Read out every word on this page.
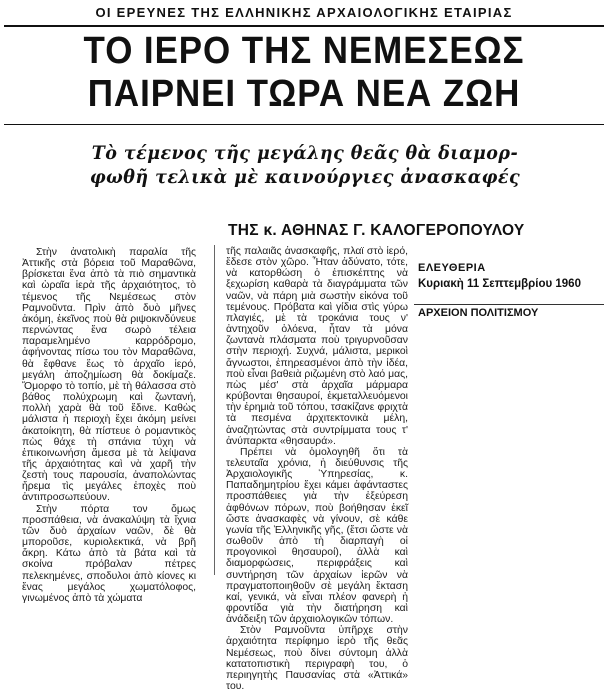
ΟΙ ΕΡΕΥΝΕΣ ΤΗΣ ΕΛΛΗΝΙΚΗΣ ΑΡΧΑΙΟΛΟΓΙΚΗΣ ΕΤΑΙΡΙΑΣ
ΤΟ ΙΕΡΟ ΤΗΣ ΝΕΜΕΣΕΩΣ
ΠΑΙΡΝΕΙ ΤΩΡΑ ΝΕΑ ΖΩΗ
Τὸ τέμενος τῆς μεγάλης θεᾶς θὰ διαμορ-
φωθῆ τελικὰ μὲ καινούργιες ἀνασκαφές
ΤΗΣ κ. ΑΘΗΝΑΣ Γ. ΚΑΛΟΓΕΡΟΠΟΥΛΟΥ

Στὴν ἀνατολικὴ παραλία τῆς Ἀττικῆς στὰ βόρεια τοῦ Μαραθῶνα, βρίσκεται ἕνα ἀπὸ τὰ πιὸ σημαντικὰ καὶ ὡραῖα ἱερὰ τῆς ἀρχαιότητος, τὸ τέμενος τῆς Νεμέσεως στὸν Ραμνοῦντα. Πρὶν ἀπὸ δυὸ μῆνες ἀκόμη, ἐκεῖνος ποὺ θὰ ριψοκινδύνευε περνώντας ἕνα σωρὸ τέλεια παραμελημένο καρρόδρομο, ἀφήνοντας πίσω του τὸν Μαραθῶνα, θὰ ἔφθανε ἕως τὸ ἀρχαῖο ἱερό, μεγάλη ἀποζημίωση θὰ δοκίμαζε. Ὅμορφο τὸ τοπίο, μὲ τὴ θάλασσα στὸ βάθος πολύχρωμη καὶ ζωντανή, πολλὴ χαρὰ θὰ τοῦ ἔδινε. Καθὼς μάλιστα ἡ περιοχὴ ἔχει ἀκόμη μείνει ἀκατοίκητη, θὰ πίστευε ὁ ρομαντικὸς πὼς θάχε τὴ σπάνια τύχη νὰ ἐπικοινωνήση ἄμεσα μὲ τὰ λείψανα τῆς ἀρχαιότητας καὶ νὰ χαρῆ τὴν ζεστὴ τους παρουσία, ἀναπολώντας ἤρεμα τὶς μεγάλες ἐποχὲς ποὺ ἀντιπροσωπεύουν.

Στὴν πόρτα τον ὅμως προσπάθεια, νὰ ἀνακαλύψη τὰ ἴχνια τῶν δυὸ ἀρχαίων ναῶν, δὲ θὰ μποροῦσε, κυριολεκτικά, νὰ βρῆ ἄκρη. Κάτω ἀπὸ τὰ βάτα καὶ τὰ σκοίνα πρόβαλαν πέτρες πελεκημένες, σποδυλοι ἀπὸ κίονες κι ἕνας μεγάλος χωματόλοφος, γινωμένος ἀπὸ τὰ χώματα

τῆς παλαιᾶς ἀνασκαφῆς, πλαϊ στὸ ἱερό, ἔδεσε στὸν χῶρο. Ἦταν ἀδύνατο, τότε, νὰ κατορθώση ὁ ἐπισκέπτης νὰ ξεχωρίση καθαρὰ τὰ διαγράμματα τῶν ναῶν, νὰ πάρη μιὰ σωστὴν εἰκόνα τοῦ τεμένους. Πρόβατα καὶ γίδια στὶς γύρω πλαγιές, μὲ τὰ τροκάνια τους ν' ἀντηχοῦν ὁλόενα, ἦταν τὰ μόνα ζωντανὰ πλάσματα ποὺ τριγυρνοῦσαν στὴν περιοχή. Συχνά, μάλιστα, μερικοὶ ἄγνωστοι, ἐπηρεασμένοι ἀπὸ τὴν ἰδέα, ποὺ εἶναι βαθειὰ ριζωμένη στὸ λαό μας, πὼς μέσ' στὰ ἀρχαῖα μάρμαρα κρύβονται θησαυροί, ἐκμεταλλευόμενοι τὴν ἐρημιὰ τοῦ τόπου, τσακίζανε φριχτὰ τὰ πεσμένα ἀρχιτεκτονικὰ μέλη, ἀναζητώντας στὰ συντρίμματα τους τ' ἀνύπαρκτα «θησαυρά».

Πρέπει νὰ ὁμολογηθῆ ὅτι τὰ τελευταῖα χρόνια, ἡ διεύθυνσις τῆς Ἀρχαιολογικῆς Ὑπηρεσίας, κ. Παπαδημητρίου ἔχει κάμει ἀφάνταστες προσπάθειες γιὰ τὴν ἐξεύρεση ἀφθόνων πόρων, ποὺ βοήθησαν ἐκεῖ ὥστε ἀνασκαφὲς νὰ γίνουν, σὲ κάθε γωνία τῆς Ἑλληνικῆς γῆς, (ἔτσι ὥστε νὰ σωθοῦν ἀπὸ τὴ διαρπαγὴ οἱ προγονικοὶ θησαυροί), ἀλλὰ καὶ διαμορφώσεις, περιφράξεις καὶ συντήρηση τῶν ἀρχαίων ἱερῶν νὰ πραγματοποιηθοῦν σὲ μεγάλη ἔκταση καί, γενικά, νὰ εἶναι πλέον φανερὴ ἡ φροντίδα γιὰ τὴν διατήρηση καὶ ἀνάδειξη τῶν ἀρχαιολογικῶν τόπων.

Στὸν Ραμνοῦντα ὑπῆρχε στὴν ἀρχαιότητα περίφημο ἱερὸ τῆς θεᾶς Νεμέσεως, ποὺ δίνει σύντομη ἀλλὰ κατατοπιστικὴ περιγραφὴ του, ὁ περιηγητὴς Παυσανίας στὰ «Ἀττικά» του.

ΕΛΕΥΘΕΡΙΑ
Κυριακὴ 11 Σεπτεμβρίου 1960
ΑΡΧΕΙΟΝ ΠΟΛΙΤΙΣΜΟΥ
